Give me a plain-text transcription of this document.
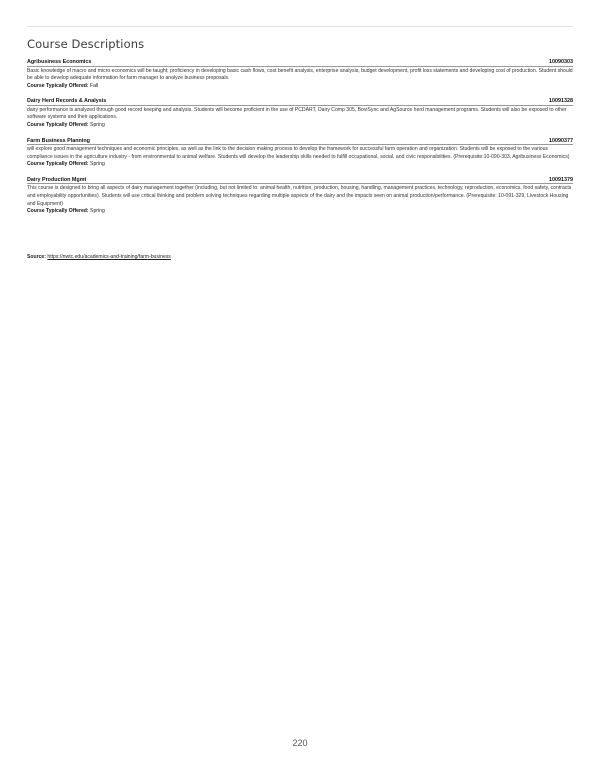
Course Descriptions
Agribusiness Economics	10090303

Basic knowledge of macro and micro economics will be taught; proficiency in developing basic cash flows, cost benefit analysis, enterprise analysis, budget development, profit loss statements and developing cost of production. Student should be able to develop adequate information for farm manager to analyze business proposals.

Course Typically Offered: Fall
Dairy Herd Records & Analysis	10091328

dairy performance is analyzed through good record keeping and analysis. Students will become proficient in the use of PCDART, Dairy Comp 305, BoviSync and AgSource herd management programs. Students will also be exposed to other software systems and their applications.

Course Typically Offered: Spring
Farm Business Planning	10090377

will explore good management techniques and economic principles, as well as the link to the decision making process to develop the framework for successful farm operation and organization. Students will be exposed to the various compliance issues in the agriculture industry - from environmental to animal welfare. Students will develop the leadership skills needed to fulfill occupational, social, and civic responsibilities. (Prerequisite:10-090-303, Agribusiness Economics)

Course Typically Offered: Spring
Dairy Production Mgmt	10091379

This course is designed to bring all aspects of dairy management together (including, but not limited to: animal health, nutrition, production, housing, handling, management practices, technology, reproduction, economics, food safety, contracts and employability opportunities). Students will use critical thinking and problem solving techniques regarding multiple aspects of the dairy and the impacts seen on animal production/performance. (Prerequisite: 10-091-329, Livestock Housing and Equipment)

Course Typically Offered: Spring
Source: https://nwtc.edu/academics-and-training/farm-business
220
